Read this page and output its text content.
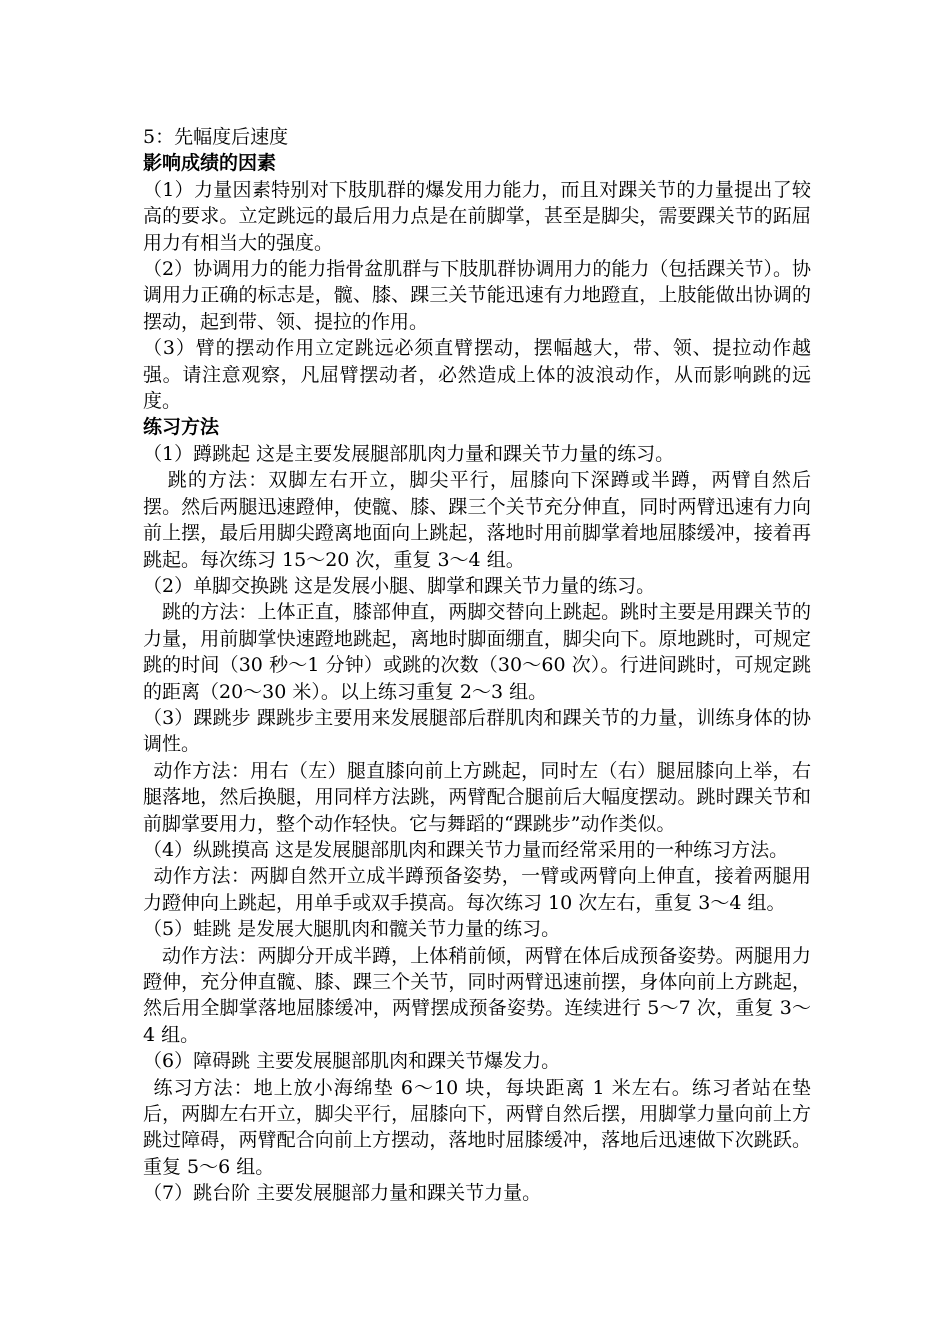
5：先幅度后速度

影响成绩的因素

（1）力量因素特别对下肢肌群的爆发用力能力，而且对踝关节的力量提出了较高的要求。立定跳远的最后用力点是在前脚掌，甚至是脚尖，需要踝关节的跖屈用力有相当大的强度。

（2）协调用力的能力指骨盆肌群与下肢肌群协调用力的能力（包括踝关节）。协调用力正确的标志是，髋、膝、踝三关节能迅速有力地蹬直，上肢能做出协调的摆动，起到带、领、提拉的作用。

（3）臂的摆动作用立定跳远必须直臂摆动，摆幅越大，带、领、提拉动作越强。请注意观察，凡屈臂摆动者，必然造成上体的波浪动作，从而影响跳的远度。

练习方法

（1）蹲跳起 这是主要发展腿部肌肉力量和踝关节力量的练习。

跳的方法：双脚左右开立，脚尖平行，屈膝向下深蹲或半蹲，两臂自然后摆。然后两腿迅速蹬伸，使髋、膝、踝三个关节充分伸直，同时两臂迅速有力向前上摆，最后用脚尖蹬离地面向上跳起，落地时用前脚掌着地屈膝缓冲，接着再跳起。每次练习 15～20 次，重复 3～4 组。

（2）单脚交换跳 这是发展小腿、脚掌和踝关节力量的练习。

跳的方法：上体正直，膝部伸直，两脚交替向上跳起。跳时主要是用踝关节的力量，用前脚掌快速蹬地跳起，离地时脚面绷直，脚尖向下。原地跳时，可规定跳的时间（30 秒～1 分钟）或跳的次数（30～60 次）。行进间跳时，可规定跳的距离（20～30 米）。以上练习重复 2～3 组。

（3）踝跳步 踝跳步主要用来发展腿部后群肌肉和踝关节的力量，训练身体的协调性。

动作方法：用右（左）腿直膝向前上方跳起，同时左（右）腿屈膝向上举，右腿落地，然后换腿，用同样方法跳，两臂配合腿前后大幅度摆动。跳时踝关节和前脚掌要用力，整个动作轻快。它与舞蹈的“踝跳步”动作类似。

（4）纵跳摸高 这是发展腿部肌肉和踝关节力量而经常采用的一种练习方法。

动作方法：两脚自然开立成半蹲预备姿势，一臂或两臂向上伸直，接着两腿用力蹬伸向上跳起，用单手或双手摸高。每次练习 10 次左右，重复 3～4 组。

（5）蛙跳 是发展大腿肌肉和髋关节力量的练习。

动作方法：两脚分开成半蹲，上体稍前倾，两臂在体后成预备姿势。两腿用力蹬伸，充分伸直髋、膝、踝三个关节，同时两臂迅速前摆，身体向前上方跳起，然后用全脚掌落地屈膝缓冲，两臂摆成预备姿势。连续进行 5～7 次，重复 3～4 组。

（6）障碍跳 主要发展腿部肌肉和踝关节爆发力。

练习方法：地上放小海绵垫 6～10 块，每块距离 1 米左右。练习者站在垫后，两脚左右开立，脚尖平行，屈膝向下，两臂自然后摆，用脚掌力量向前上方跳过障碍，两臂配合向前上方摆动，落地时屈膝缓冲，落地后迅速做下次跳跃。重复 5～6 组。

（7）跳台阶 主要发展腿部力量和踝关节力量。
